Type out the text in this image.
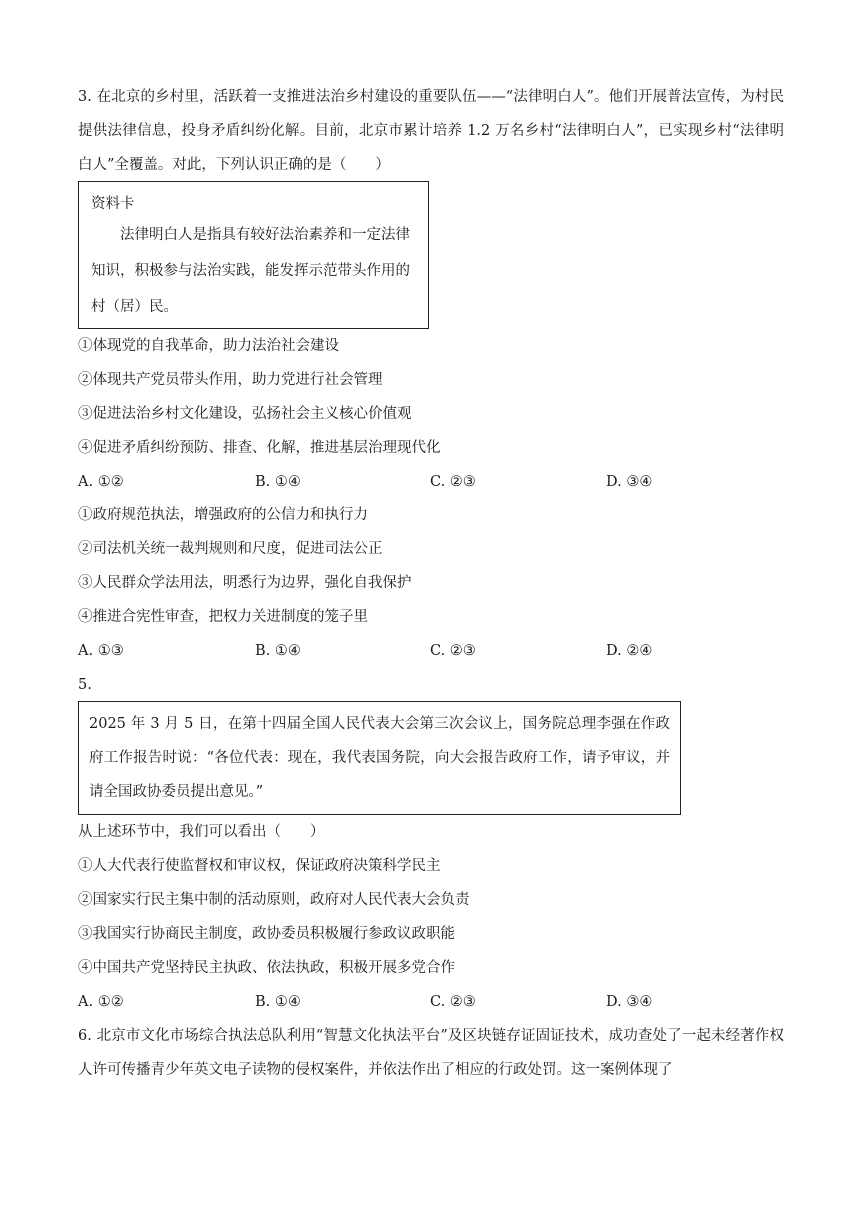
3. 在北京的乡村里，活跃着一支推进法治乡村建设的重要队伍——“法律明白人”。他们开展普法宣传，为村民提供法律信息，投身矛盾纠纷化解。目前，北京市累计培养 1.2 万名乡村“法律明白人”，已实现乡村“法律明白人”全覆盖。对此，下列认识正确的是（　　）

资料卡

法律明白人是指具有较好法治素养和一定法律知识，积极参与法治实践，能发挥示范带头作用的村（居）民。

①体现党的自我革命，助力法治社会建设
②体现共产党员带头作用，助力党进行社会管理
③促进法治乡村文化建设，弘扬社会主义核心价值观
④促进矛盾纠纷预防、排查、化解，推进基层治理现代化
A. ①②	B. ①④	C. ②③	D. ③④
①政府规范执法，增强政府的公信力和执行力
②司法机关统一裁判规则和尺度，促进司法公正
③人民群众学法用法，明悉行为边界，强化自我保护
④推进合宪性审查，把权力关进制度的笼子里
A. ①③	B. ①④	C. ②③	D. ②④
5.

2025 年 3 月 5 日，在第十四届全国人民代表大会第三次会议上，国务院总理李强在作政府工作报告时说：“各位代表：现在，我代表国务院，向大会报告政府工作，请予审议，并请全国政协委员提出意见。”

从上述环节中，我们可以看出（　　）
①人大代表行使监督权和审议权，保证政府决策科学民主
②国家实行民主集中制的活动原则，政府对人民代表大会负责
③我国实行协商民主制度，政协委员积极履行参政议政职能
④中国共产党坚持民主执政、依法执政，积极开展多党合作
A. ①②	B. ①④	C. ②③	D. ③④
6. 北京市文化市场综合执法总队利用“智慧文化执法平台”及区块链存证固证技术，成功查处了一起未经著作权人许可传播青少年英文电子读物的侵权案件，并依法作出了相应的行政处罚。这一案例体现了
